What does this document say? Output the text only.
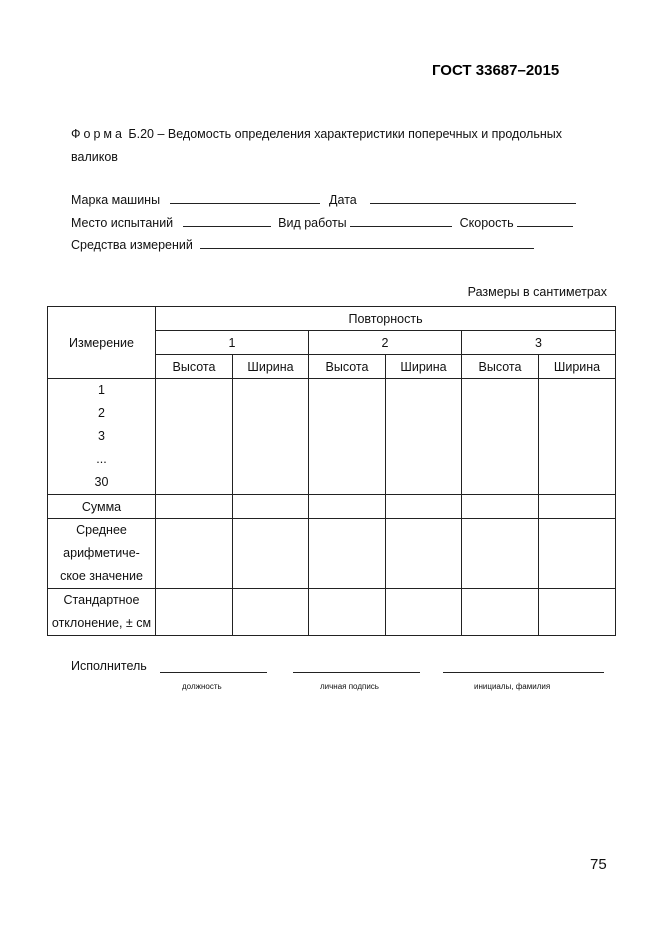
ГОСТ 33687–2015
Форма Б.20 – Ведомость определения характеристики поперечных и продольных валиков
Марка машины	Дата
Место испытаний	Вид работы	Скорость
Средства измерений
Размеры в сантиметрах
Измерение	Повторность					
	1		2		3	
	Высота	Ширина	Высота	Ширина	Высота	Ширина

1
2
3
...
30						

Сумма						

Среднее
арифметиче-
ское значение						

Стандартное
отклонение, ± см						

Исполнитель
должность	личная подпись	инициалы, фамилия
75
